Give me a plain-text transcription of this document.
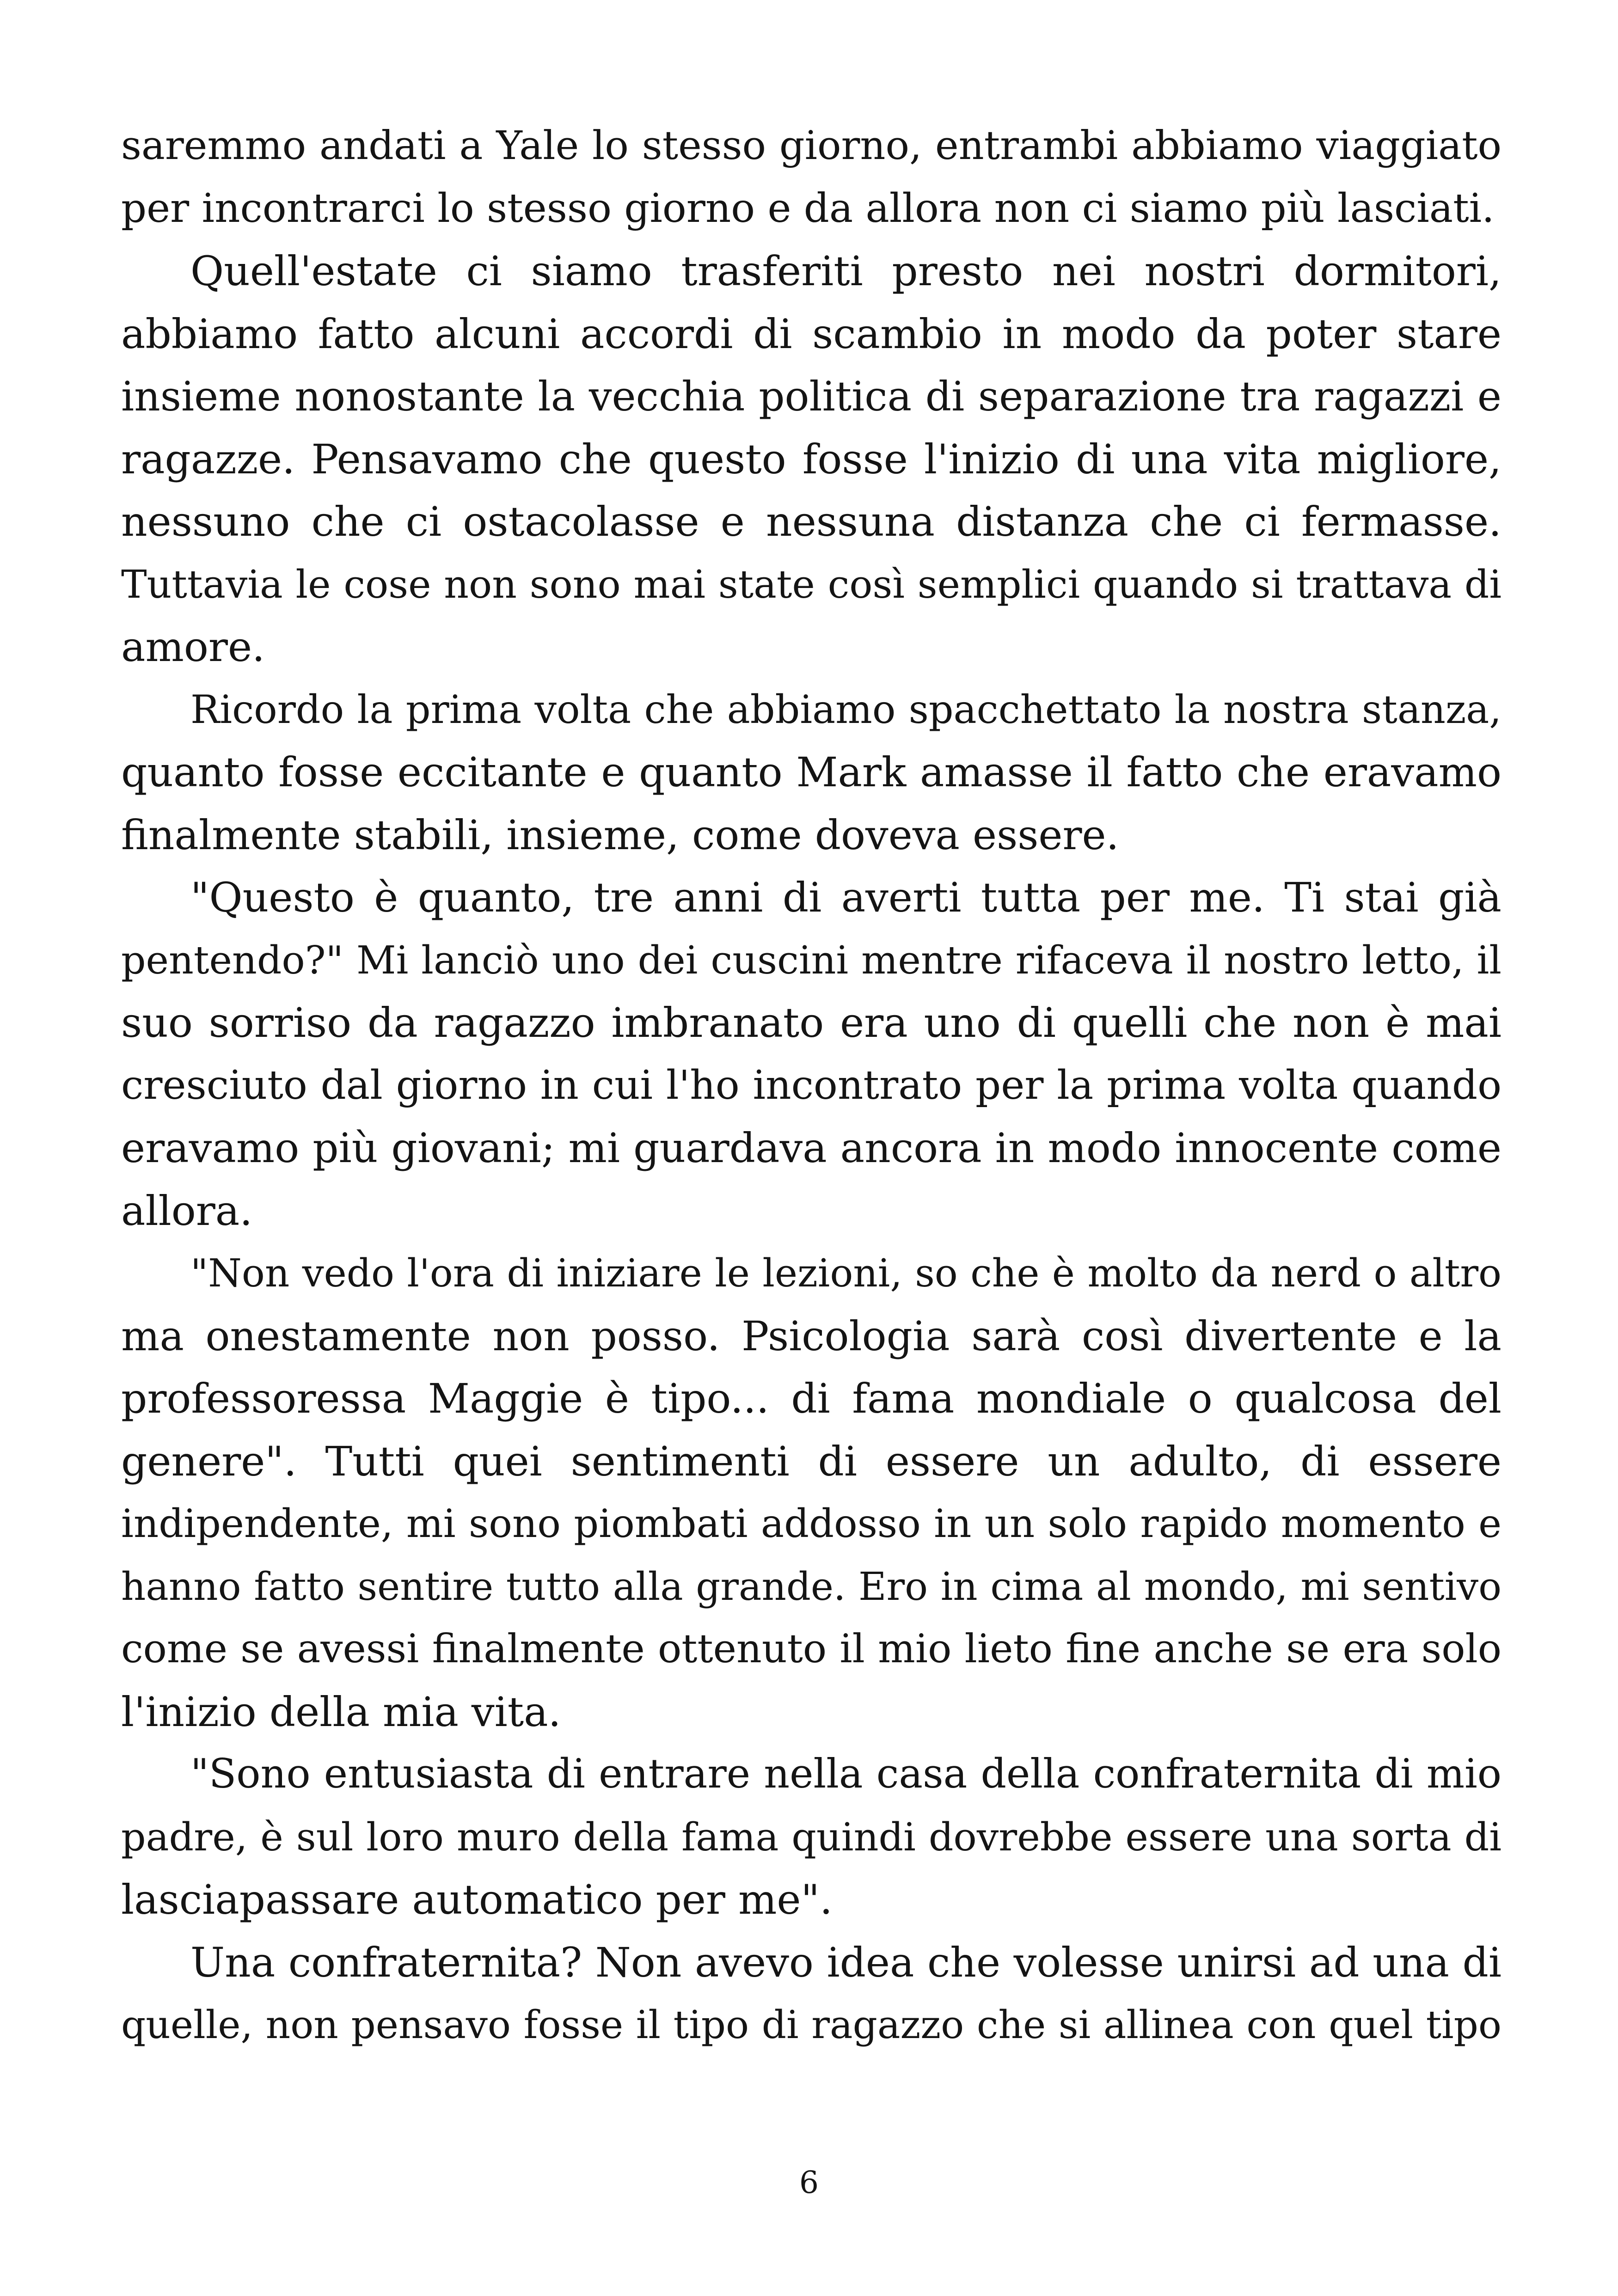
saremmo andati a Yale lo stesso giorno, entrambi abbiamo viaggiato
per incontrarci lo stesso giorno e da allora non ci siamo più lasciati.
Quell'estate ci siamo trasferiti presto nei nostri dormitori,
abbiamo fatto alcuni accordi di scambio in modo da poter stare
insieme nonostante la vecchia politica di separazione tra ragazzi e
ragazze. Pensavamo che questo fosse l'inizio di una vita migliore,
nessuno che ci ostacolasse e nessuna distanza che ci fermasse.
Tuttavia le cose non sono mai state così semplici quando si trattava di
amore.
Ricordo la prima volta che abbiamo spacchettato la nostra stanza,
quanto fosse eccitante e quanto Mark amasse il fatto che eravamo
finalmente stabili, insieme, come doveva essere.
"Questo è quanto, tre anni di averti tutta per me. Ti stai già
pentendo?" Mi lanciò uno dei cuscini mentre rifaceva il nostro letto, il
suo sorriso da ragazzo imbranato era uno di quelli che non è mai
cresciuto dal giorno in cui l'ho incontrato per la prima volta quando
eravamo più giovani; mi guardava ancora in modo innocente come
allora.
"Non vedo l'ora di iniziare le lezioni, so che è molto da nerd o altro
ma onestamente non posso. Psicologia sarà così divertente e la
professoressa Maggie è tipo... di fama mondiale o qualcosa del
genere". Tutti quei sentimenti di essere un adulto, di essere
indipendente, mi sono piombati addosso in un solo rapido momento e
hanno fatto sentire tutto alla grande. Ero in cima al mondo, mi sentivo
come se avessi finalmente ottenuto il mio lieto fine anche se era solo
l'inizio della mia vita.
"Sono entusiasta di entrare nella casa della confraternita di mio
padre, è sul loro muro della fama quindi dovrebbe essere una sorta di
lasciapassare automatico per me".
Una confraternita? Non avevo idea che volesse unirsi ad una di
quelle, non pensavo fosse il tipo di ragazzo che si allinea con quel tipo
6
